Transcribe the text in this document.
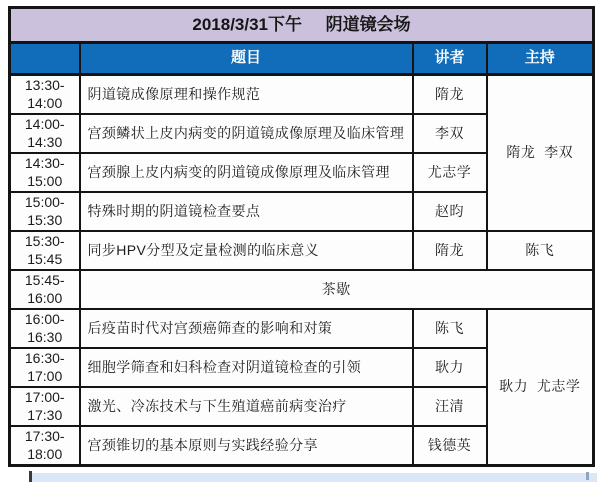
2018/3/31下午     阴道镜会场			
	题目	讲者	主持
13:30-14:00	阴道镜成像原理和操作规范	隋龙	隋龙  李双
14:00-14:30	宫颈鳞状上皮内病变的阴道镜成像原理及临床管理	李双	
14:30-15:00	宫颈腺上皮内病变的阴道镜成像原理及临床管理	尤志学	
15:00-15:30	特殊时期的阴道镜检查要点	赵昀	
15:30-15:45	同步HPV分型及定量检测的临床意义	隋龙	陈飞
15:45-16:00	茶歇		
16:00-16:30	后疫苗时代对宫颈癌筛查的影响和对策	陈飞	耿力  尤志学
16:30-17:00	细胞学筛查和妇科检查对阴道镜检查的引领	耿力	
17:00-17:30	激光、冷冻技术与下生殖道癌前病变治疗	汪清	
17:30-18:00	宫颈锥切的基本原则与实践经验分享	钱德英	
